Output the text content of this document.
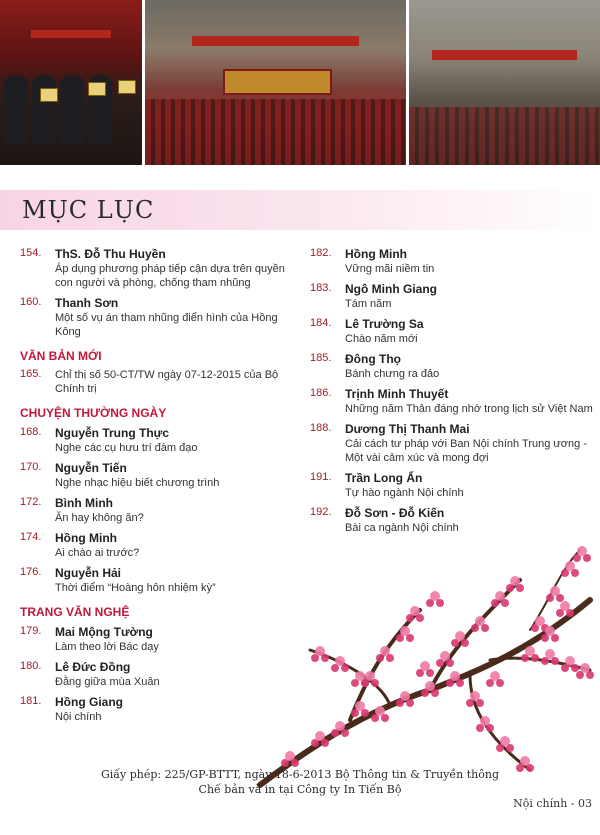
MỤC LỤC
154.	ThS. Đỗ Thu Huyền
Áp dụng phương pháp tiếp cận dựa trên quyền con người và phòng, chống tham nhũng
160.	Thanh Sơn
Một số vụ án tham nhũng điển hình của Hồng Kông
VĂN BẢN MỚI
165.	Chỉ thị số 50-CT/TW ngày 07-12-2015 của Bộ Chính trị
CHUYỆN THƯỜNG NGÀY
168.	Nguyễn Trung Thực
Nghe các cụ hưu trí đàm đạo
170.	Nguyễn Tiến
Nghe nhạc hiệu biết chương trình
172.	Bình Minh
Ăn hay không ăn?
174.	Hồng Minh
Ai chào ai trước?
176.	Nguyễn Hải
Thời điểm “Hoàng hôn nhiệm kỳ”
TRANG VĂN NGHỆ
179.	Mai Mộng Tường
Làm theo lời Bác dạy
180.	Lê Đức Đồng
Đằng giữa mùa Xuân
181.	Hồng Giang
Nội chính
182.	Hồng Minh
Vững mãi niềm tin
183.	Ngô Minh Giang
Tám năm
184.	Lê Trường Sa
Chào năm mới
185.	Đông Thọ
Bánh chưng ra đảo
186.	Trịnh Minh Thuyết
Những năm Thân đáng nhớ trong lịch sử Việt Nam
188.	Dương Thị Thanh Mai
Cải cách tư pháp với Ban Nội chính Trung ương - Một vài cảm xúc và mong đợi
191.	Trần Long Ẩn
Tự hào ngành Nội chính
192.	Đỗ Sơn - Đỗ Kiến
Bài ca ngành Nội chính
Giấy phép: 225/GP-BTTT, ngày 18-6-2013 Bộ Thông tin & Truyền thông
Chế bản và in tại Công ty In Tiến Bộ
Nội chính - 03
